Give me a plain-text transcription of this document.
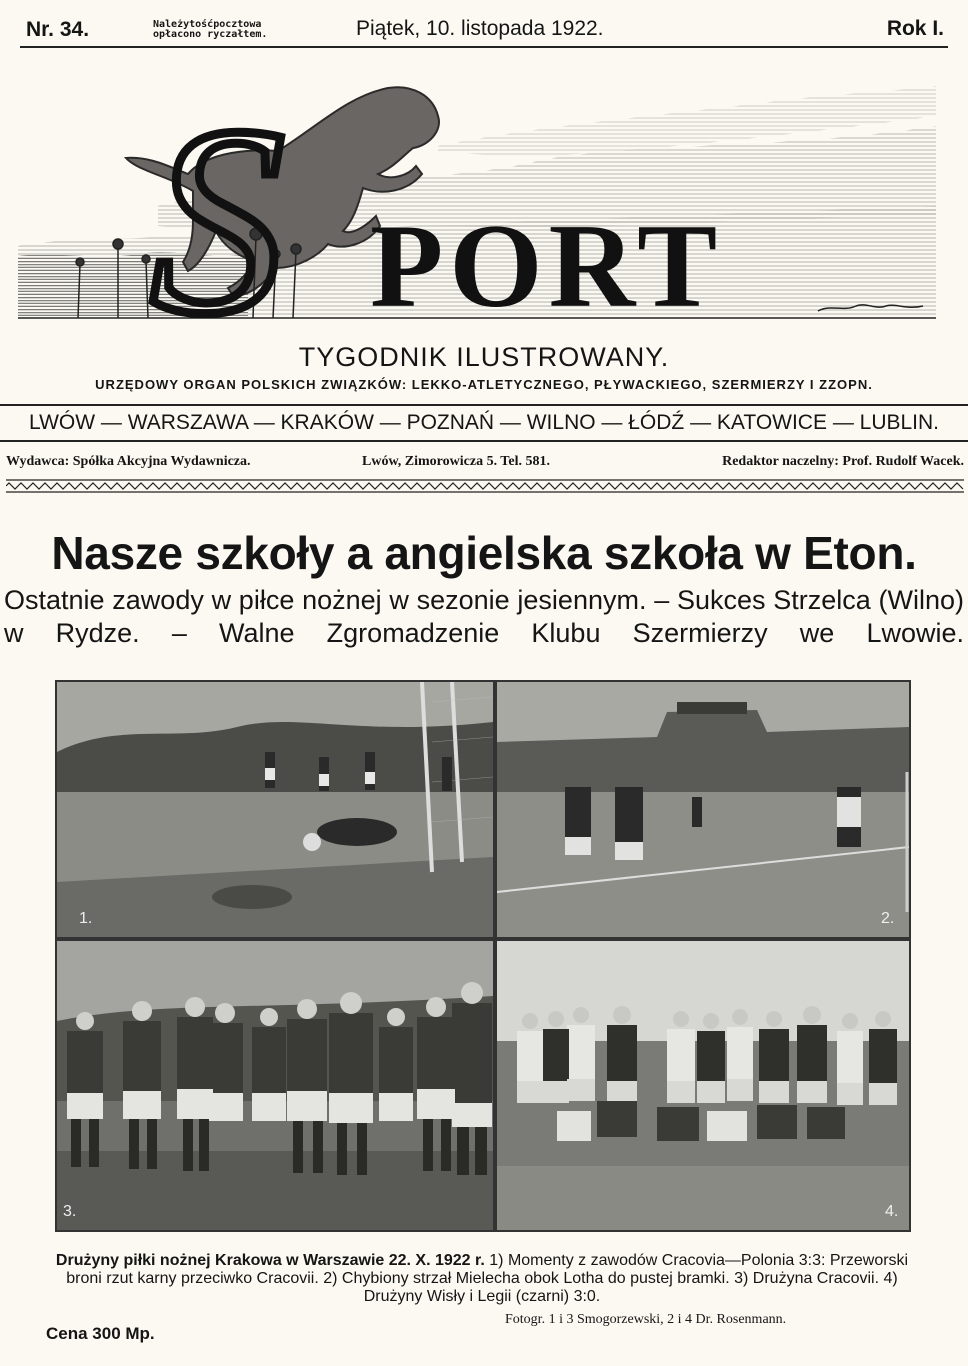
Nr. 34.	Należytośćpocztowa
opłacono ryczałtem.	Piątek, 10. listopada 1922.	Rok I.
S PORT
TYGODNIK ILUSTROWANY.
URZĘDOWY ORGAN POLSKICH ZWIĄZKÓW: LEKKO-ATLETYCZNEGO, PŁYWACKIEGO, SZERMIERZY I ZZOPN.
LWÓW — WARSZAWA — KRAKÓW — POZNAŃ — WILNO — ŁÓDŹ — KATOWICE — LUBLIN.
Wydawca: Spółka Akcyjna Wydawnicza.	Lwów, Zimorowicza 5. Tel. 581.	Redaktor naczelny: Prof. Rudolf Wacek.
Nasze szkoły a angielska szkoła w Eton.
Ostatnie zawody w piłce nożnej w sezonie jesiennym. – Sukces Strzelca (Wilno) w Rydze. – Walne Zgromadzenie Klubu Szermierzy we Lwowie.
1.	2.
3.	4.
Drużyny piłki nożnej Krakowa w Warszawie 22. X. 1922 r. 1) Momenty z zawodów Cracovia—Polonia 3:3: Przeworski broni rzut karny przeciwko Cracovii. 2) Chybiony strzał Mielecha obok Lotha do pustej bramki. 3) Drużyna Cracovii. 4) Drużyny Wisły i Legii (czarni) 3:0.
Fotogr. 1 i 3 Smogorzewski, 2 i 4 Dr. Rosenmann.
Cena 300 Mp.
